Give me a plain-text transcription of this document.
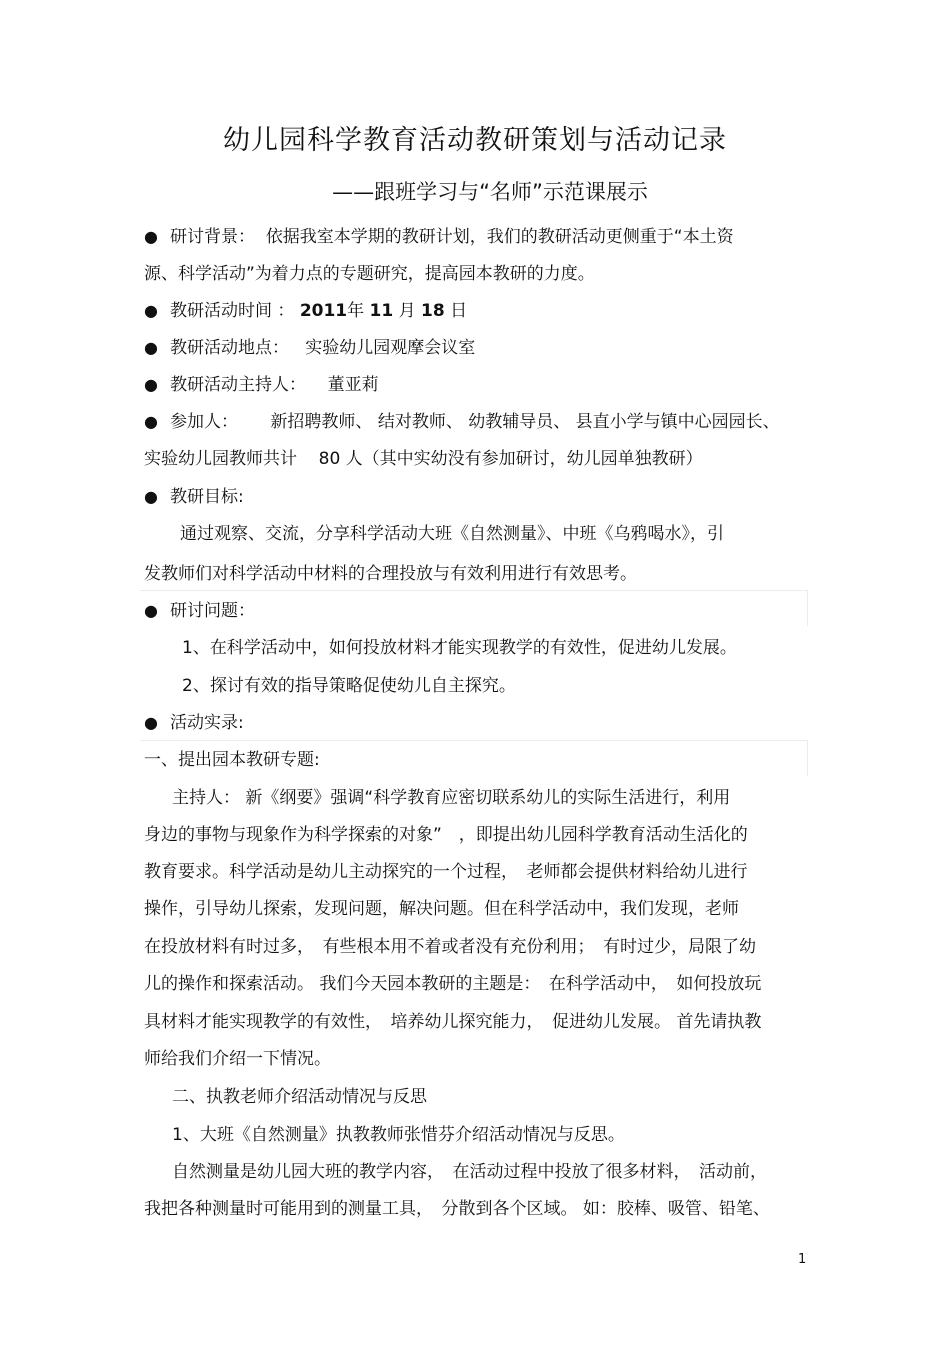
幼儿园科学教育活动教研策划与活动记录
——跟班学习与“名师”示范课展示
● 研讨背景： 依据我室本学期的教研计划，我们的教研活动更侧重于“本土资
源、科学活动”为着力点的专题研究，提高园本教研的力度。
● 教研活动时间 ： 2011年 11 月 18 日
● 教研活动地点： 实验幼儿园观摩会议室
● 教研活动主持人： 董亚莉
● 参加人： 新招聘教师、 结对教师、 幼教辅导员、 县直小学与镇中心园园长、
实验幼儿园教师共计 80 人（其中实幼没有参加研讨，幼儿园单独教研）
● 教研目标:
通过观察、交流，分享科学活动大班《自然测量》、中班《乌鸦喝水》，引
发教师们对科学活动中材料的合理投放与有效利用进行有效思考。
● 研讨问题：
1、在科学活动中，如何投放材料才能实现教学的有效性，促进幼儿发展。
2、探讨有效的指导策略促使幼儿自主探究。
● 活动实录:
一、提出园本教研专题:
主持人： 新《纲要》强调“科学教育应密切联系幼儿的实际生活进行，利用
身边的事物与现象作为科学探索的对象”　，即提出幼儿园科学教育活动生活化的
教育要求。科学活动是幼儿主动探究的一个过程，　老师都会提供材料给幼儿进行
操作，引导幼儿探索，发现问题，解决问题。但在科学活动中，我们发现，老师
在投放材料有时过多，　有些根本用不着或者没有充份利用；　有时过少，局限了幼
儿的操作和探索活动。 我们今天园本教研的主题是：　在科学活动中，　如何投放玩
具材料才能实现教学的有效性，　培养幼儿探究能力，　促进幼儿发展。 首先请执教
师给我们介绍一下情况。
二、执教老师介绍活动情况与反思
1、大班《自然测量》执教教师张惜芬介绍活动情况与反思。
自然测量是幼儿园大班的教学内容，　在活动过程中投放了很多材料，　活动前，
我把各种测量时可能用到的测量工具，　分散到各个区域。 如：胶棒、吸管、铅笔、
1
